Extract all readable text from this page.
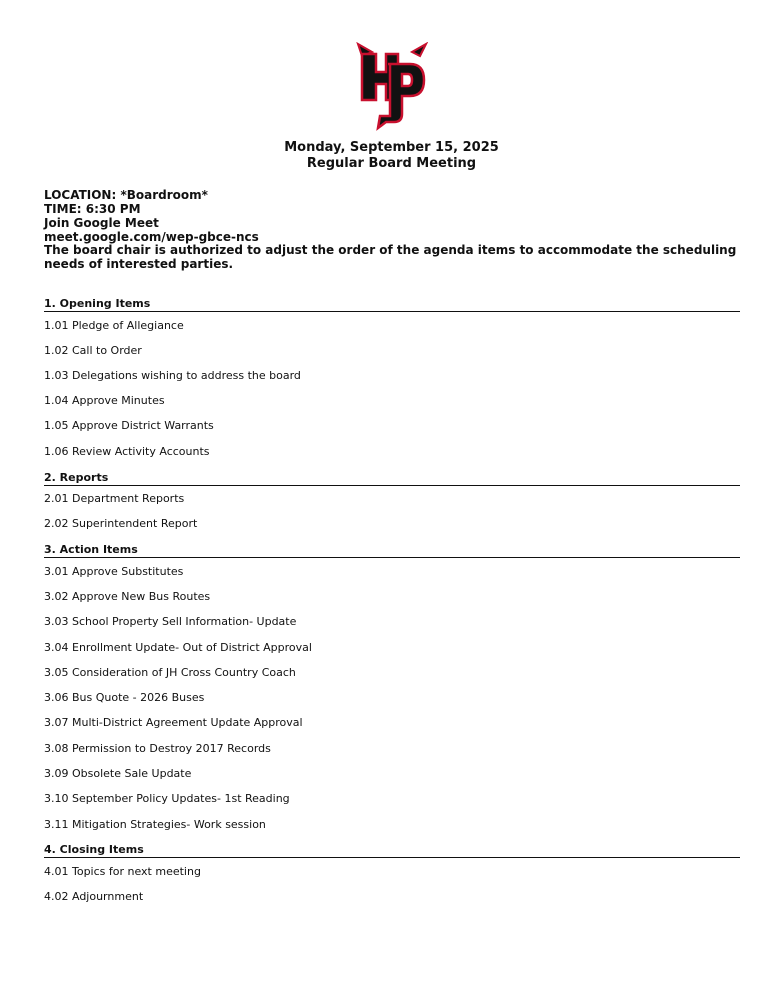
Monday, September 15, 2025
Regular Board Meeting
LOCATION: *Boardroom*
TIME: 6:30 PM
Join Google Meet
meet.google.com/wep-gbce-ncs
The board chair is authorized to adjust the order of the agenda items to accommodate the scheduling needs of interested parties.
1. Opening Items
1.01 Pledge of Allegiance
1.02 Call to Order
1.03 Delegations wishing to address the board
1.04 Approve Minutes
1.05 Approve District Warrants
1.06 Review Activity Accounts
2. Reports
2.01 Department Reports
2.02 Superintendent Report
3. Action Items
3.01 Approve Substitutes
3.02 Approve New Bus Routes
3.03 School Property Sell Information- Update
3.04 Enrollment Update- Out of District Approval
3.05 Consideration of JH Cross Country Coach
3.06 Bus Quote - 2026 Buses
3.07 Multi-District Agreement Update Approval
3.08 Permission to Destroy 2017 Records
3.09 Obsolete Sale Update
3.10 September Policy Updates- 1st Reading
3.11 Mitigation Strategies- Work session
4. Closing Items
4.01 Topics for next meeting
4.02 Adjournment
